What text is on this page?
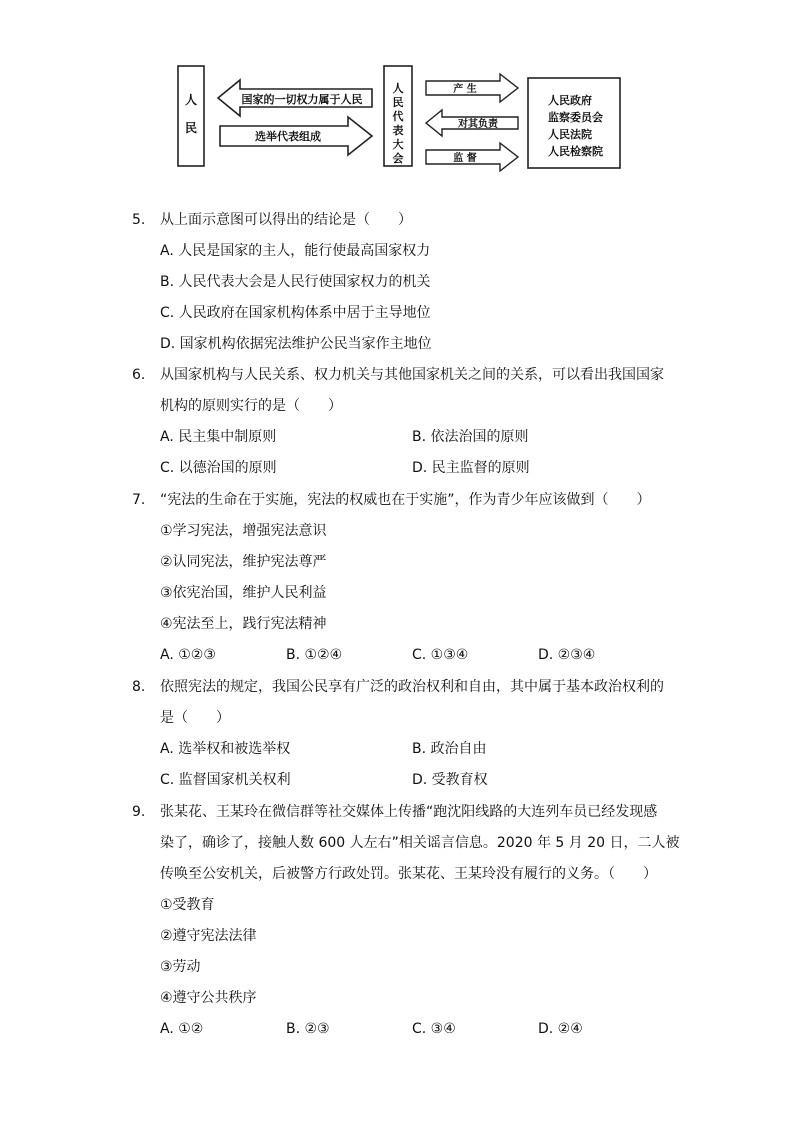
人
民
国家的一切权力属于人民
选举代表组成
人
民
代
表
大
会
产 生
对其负责
监 督
人民政府
监察委员会
人民法院
人民检察院
5.	从上面示意图可以得出的结论是（　　）
A. 人民是国家的主人，能行使最高国家权力
B. 人民代表大会是人民行使国家权力的机关
C. 人民政府在国家机构体系中居于主导地位
D. 国家机构依据宪法维护公民当家作主地位
6.	从国家机构与人民关系、权力机关与其他国家机关之间的关系，可以看出我国国家
机构的原则实行的是（　　）
A. 民主集中制原则	B. 依法治国的原则
C. 以德治国的原则	D. 民主监督的原则
7.	“宪法的生命在于实施，宪法的权威也在于实施”，作为青少年应该做到（　　）
①学习宪法，增强宪法意识
②认同宪法，维护宪法尊严
③依宪治国，维护人民利益
④宪法至上，践行宪法精神
A. ①②③	B. ①②④	C. ①③④	D. ②③④
8.	依照宪法的规定，我国公民享有广泛的政治权利和自由，其中属于基本政治权利的
是（　　）
A. 选举权和被选举权	B. 政治自由
C. 监督国家机关权利	D. 受教育权
9.	张某花、王某玲在微信群等社交媒体上传播“跑沈阳线路的大连列车员已经发现感
染了，确诊了，接触人数 600 人左右”相关谣言信息。2020 年 5 月 20 日，二人被
传唤至公安机关，后被警方行政处罚。张某花、王某玲没有履行的义务。（　　）
①受教育
②遵守宪法法律
③劳动
④遵守公共秩序
A. ①②	B. ②③	C. ③④	D. ②④
